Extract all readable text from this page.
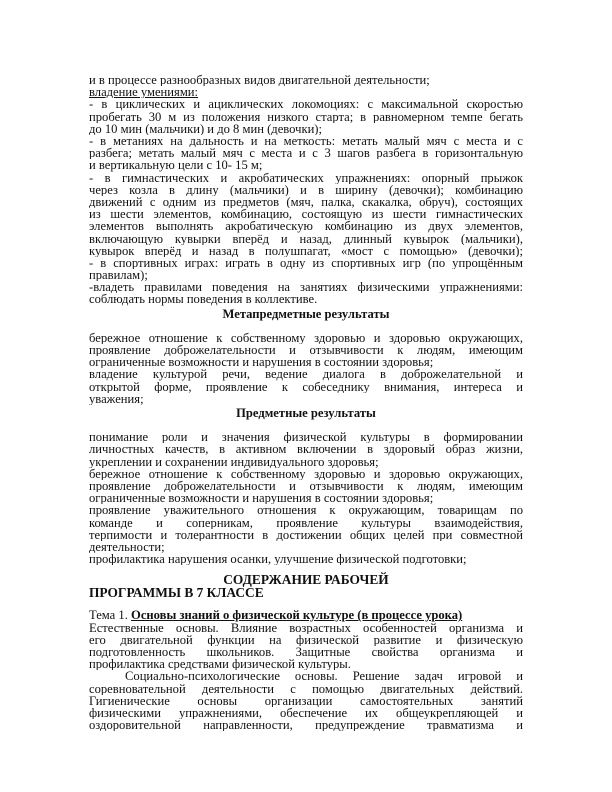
и в процессе разнообразных видов двигательной деятельности;
владение умениями:
- в циклических и ациклических локомоциях: с максимальной скоростью
пробегать 30 м из положения низкого старта; в равномерном темпе бегать
до 10 мин (мальчики) и до 8 мин (девочки);
- в метаниях на дальность и на меткость: метать малый мяч с места и с
разбега; метать малый мяч с места и с 3 шагов разбега в горизонтальную
и вертикальную цели с 10- 15 м;
- в гимнастических и акробатических упражнениях: опорный прыжок
через козла в длину (мальчики) и в ширину (девочки); комбинацию
движений с одним из предметов (мяч, палка, скакалка, обруч), состоящих
из шести элементов, комбинацию, состоящую из шести гимнастических
элементов выполнять акробатическую комбинацию из двух элементов,
включающую кувырки вперёд и назад, длинный кувырок (мальчики),
кувырок вперёд и назад в полушпагат, «мост с помощью» (девочки);
- в спортивных играх: играть в одну из спортивных игр (по упрощённым
правилам);
-владеть правилами поведения на занятиях физическими упражнениями:
соблюдать нормы поведения в коллективе.
Метапредметные результаты
бережное отношение к собственному здоровью и здоровью окружающих,
проявление доброжелательности и отзывчивости к людям, имеющим
ограниченные возможности и нарушения в состоянии здоровья;
владение культурой речи, ведение диалога в доброжелательной и
открытой форме, проявление к собеседнику внимания, интереса и
уважения;
Предметные результаты
понимание роли и значения физической культуры в формировании
личностных качеств, в активном включении в здоровый образ жизни,
укреплении и сохранении индивидуального здоровья;
бережное отношение к собственному здоровью и здоровью окружающих,
проявление доброжелательности и отзывчивости к людям, имеющим
ограниченные возможности и нарушения в состоянии здоровья;
проявление уважительного отношения к окружающим, товарищам по
команде и соперникам, проявление культуры взаимодействия,
терпимости и толерантности в достижении общих целей при совместной
деятельности;
профилактика нарушения осанки, улучшение физической подготовки;
СОДЕРЖАНИЕ РАБОЧЕЙ
ПРОГРАММЫ В 7 КЛАССЕ
Тема 1. Основы знаний о физической культуре (в процессе урока)
Естественные основы. Влияние возрастных особенностей организма и
его двигательной функции на физической развитие и физическую
подготовленность школьников. Защитные свойства организма и
профилактика средствами физической культуры.
Социально-психологические основы. Решение задач игровой и
соревновательной деятельности с помощью двигательных действий.
Гигиенические основы организации самостоятельных занятий
физическими упражнениями, обеспечение их общеукрепляющей и
оздоровительной направленности, предупреждение травматизма и
